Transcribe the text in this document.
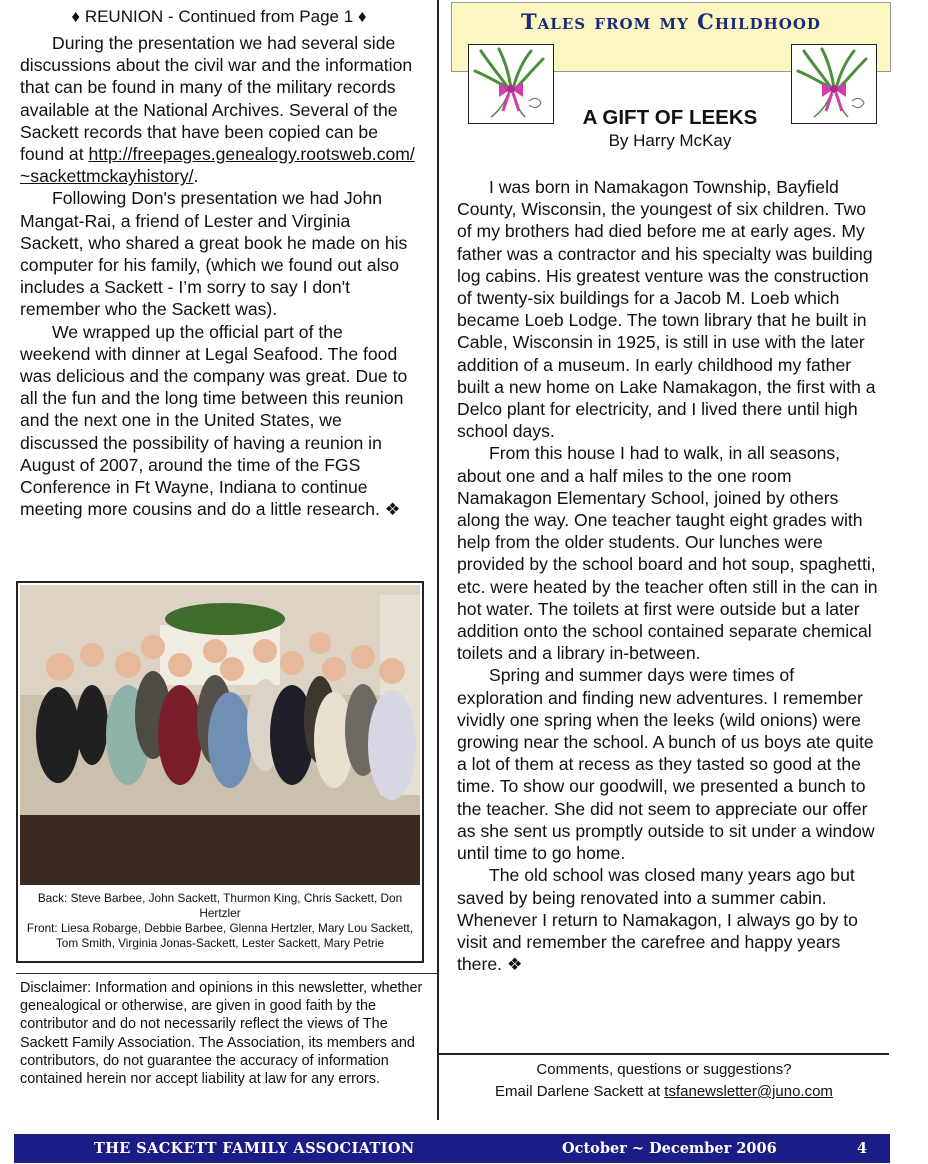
♦ REUNION - Continued from Page 1 ♦

During the presentation we had several side discussions about the civil war and the information that can be found in many of the military records available at the National Archives. Several of the Sackett records that have been copied can be found at http://freepages.genealogy.rootsweb.com/~sackettmckayhistory/.

Following Don's presentation we had John Mangat-Rai, a friend of Lester and Virginia Sackett, who shared a great book he made on his computer for his family, (which we found out also includes a Sackett - I’m sorry to say I don't remember who the Sackett was).

We wrapped up the official part of the weekend with dinner at Legal Seafood. The food was delicious and the company was great. Due to all the fun and the long time between this reunion and the next one in the United States, we discussed the possibility of having a reunion in August of 2007, around the time of the FGS Conference in Ft Wayne, Indiana to continue meeting more cousins and do a little research. ❖

Back: Steve Barbee, John Sackett, Thurmon King, Chris Sackett, Don Hertzler
Front: Liesa Robarge, Debbie Barbee, Glenna Hertzler, Mary Lou Sackett, Tom Smith, Virginia Jonas-Sackett, Lester Sackett, Mary Petrie
Disclaimer: Information and opinions in this newsletter, whether genealogical or otherwise, are given in good faith by the contributor and do not necessarily reflect the views of The Sackett Family Association. The Association, its members and contributors, do not guarantee the accuracy of information contained herein nor accept liability at law for any errors.
Tales from my Childhood
A GIFT OF LEEKS
By Harry McKay

I was born in Namakagon Township, Bayfield County, Wisconsin, the youngest of six children. Two of my brothers had died before me at early ages. My father was a contractor and his specialty was building log cabins. His greatest venture was the construction of twenty-six buildings for a Jacob M. Loeb which became Loeb Lodge. The town library that he built in Cable, Wisconsin in 1925, is still in use with the later addition of a museum. In early childhood my father built a new home on Lake Namakagon, the first with a Delco plant for electricity, and I lived there until high school days.

From this house I had to walk, in all seasons, about one and a half miles to the one room Namakagon Elementary School, joined by others along the way. One teacher taught eight grades with help from the older students. Our lunches were provided by the school board and hot soup, spaghetti, etc. were heated by the teacher often still in the can in hot water. The toilets at first were outside but a later addition onto the school contained separate chemical toilets and a library in-between.

Spring and summer days were times of exploration and finding new adventures. I remember vividly one spring when the leeks (wild onions) were growing near the school. A bunch of us boys ate quite a lot of them at recess as they tasted so good at the time. To show our goodwill, we presented a bunch to the teacher. She did not seem to appreciate our offer as she sent us promptly outside to sit under a window until time to go home.

The old school was closed many years ago but saved by being renovated into a summer cabin. Whenever I return to Namakagon, I always go by to visit and remember the carefree and happy years there. ❖

Comments, questions or suggestions?
Email Darlene Sackett at tsfanewsletter@juno.com
THE SACKETT FAMILY ASSOCIATION	October ~ December 2006	4
